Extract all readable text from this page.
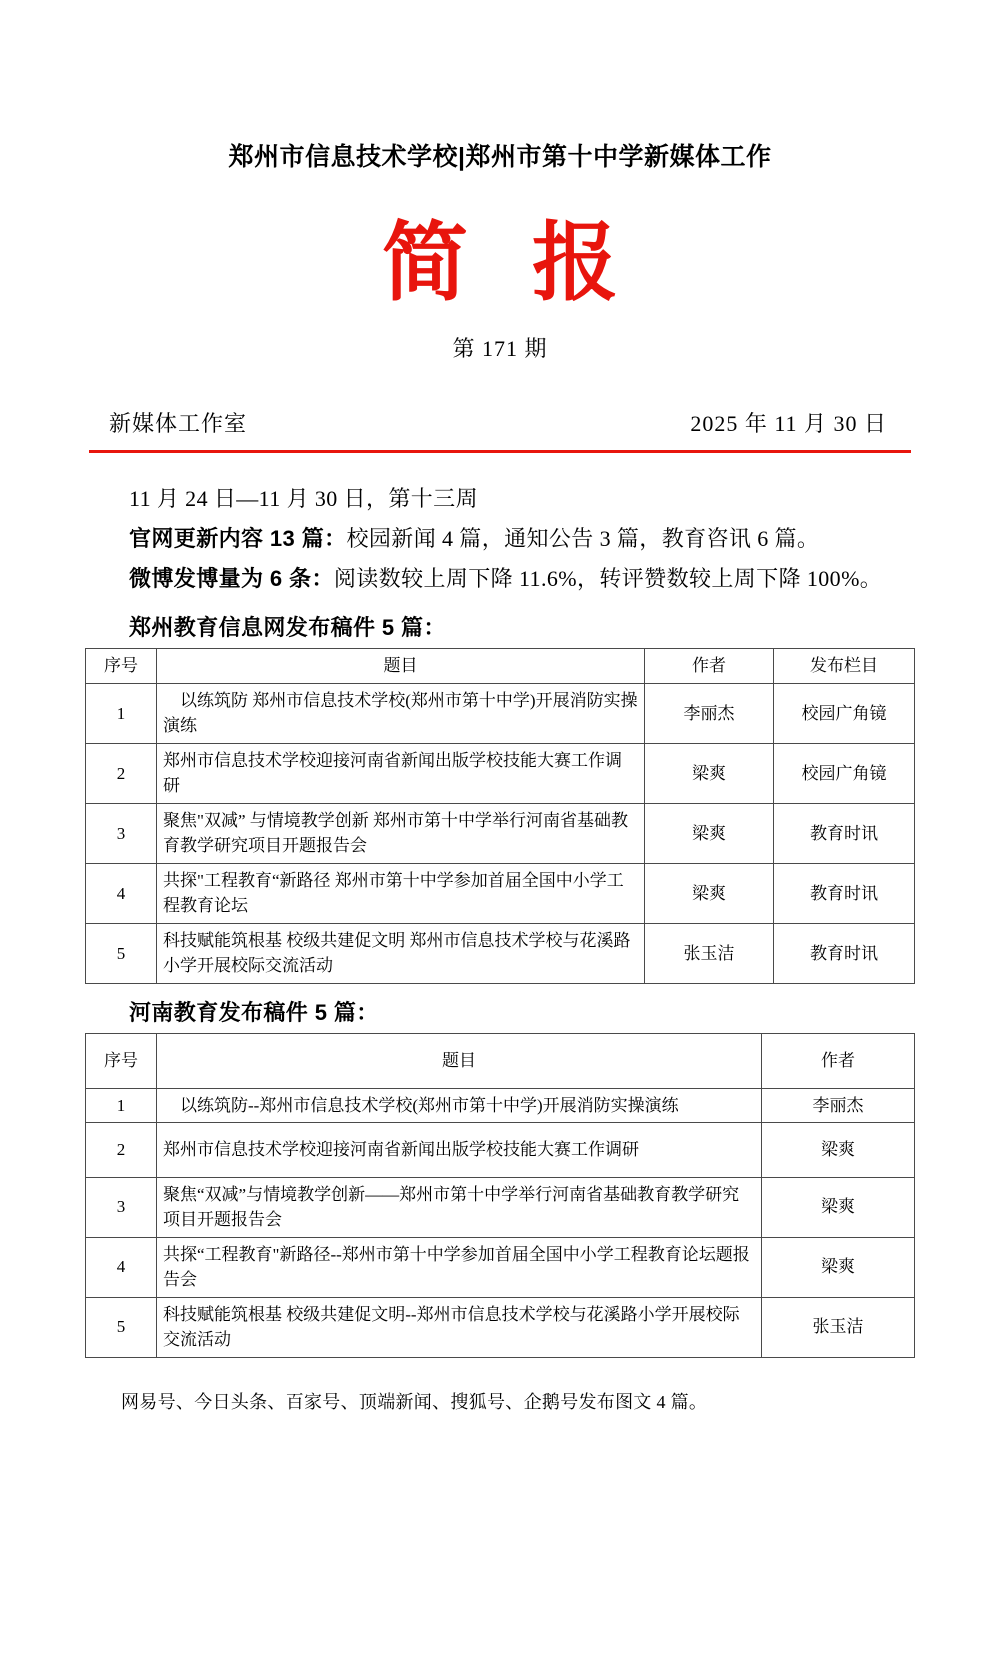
郑州市信息技术学校|郑州市第十中学新媒体工作
简 报
第 171 期
新媒体工作室	2025 年 11 月 30 日

11 月 24 日—11 月 30 日，第十三周

官网更新内容 13 篇：校园新闻 4 篇，通知公告 3 篇，教育咨讯 6 篇。

微博发博量为 6 条：阅读数较上周下降 11.6%，转评赞数较上周下降 100%。

郑州教育信息网发布稿件 5 篇：
序号	题目	作者	发布栏目
1	以练筑防 郑州市信息技术学校(郑州市第十中学)开展消防实操演练	李丽杰	校园广角镜
2	郑州市信息技术学校迎接河南省新闻出版学校技能大赛工作调研	梁爽	校园广角镜
3	聚焦"双减” 与情境教学创新 郑州市第十中学举行河南省基础教育教学研究项目开题报告会	梁爽	教育时讯
4	共探"工程教育“新路径 郑州市第十中学参加首届全国中小学工程教育论坛	梁爽	教育时讯
5	科技赋能筑根基 校级共建促文明 郑州市信息技术学校与花溪路小学开展校际交流活动	张玉洁	教育时讯
河南教育发布稿件 5 篇：
序号	题目	作者
1	以练筑防--郑州市信息技术学校(郑州市第十中学)开展消防实操演练	李丽杰
2	郑州市信息技术学校迎接河南省新闻出版学校技能大赛工作调研	梁爽
3	聚焦“双减”与情境教学创新——郑州市第十中学举行河南省基础教育教学研究项目开题报告会	梁爽
4	共探“工程教育"新路径--郑州市第十中学参加首届全国中小学工程教育论坛题报告会	梁爽
5	科技赋能筑根基 校级共建促文明--郑州市信息技术学校与花溪路小学开展校际交流活动	张玉洁
网易号、今日头条、百家号、顶端新闻、搜狐号、企鹅号发布图文 4 篇。
